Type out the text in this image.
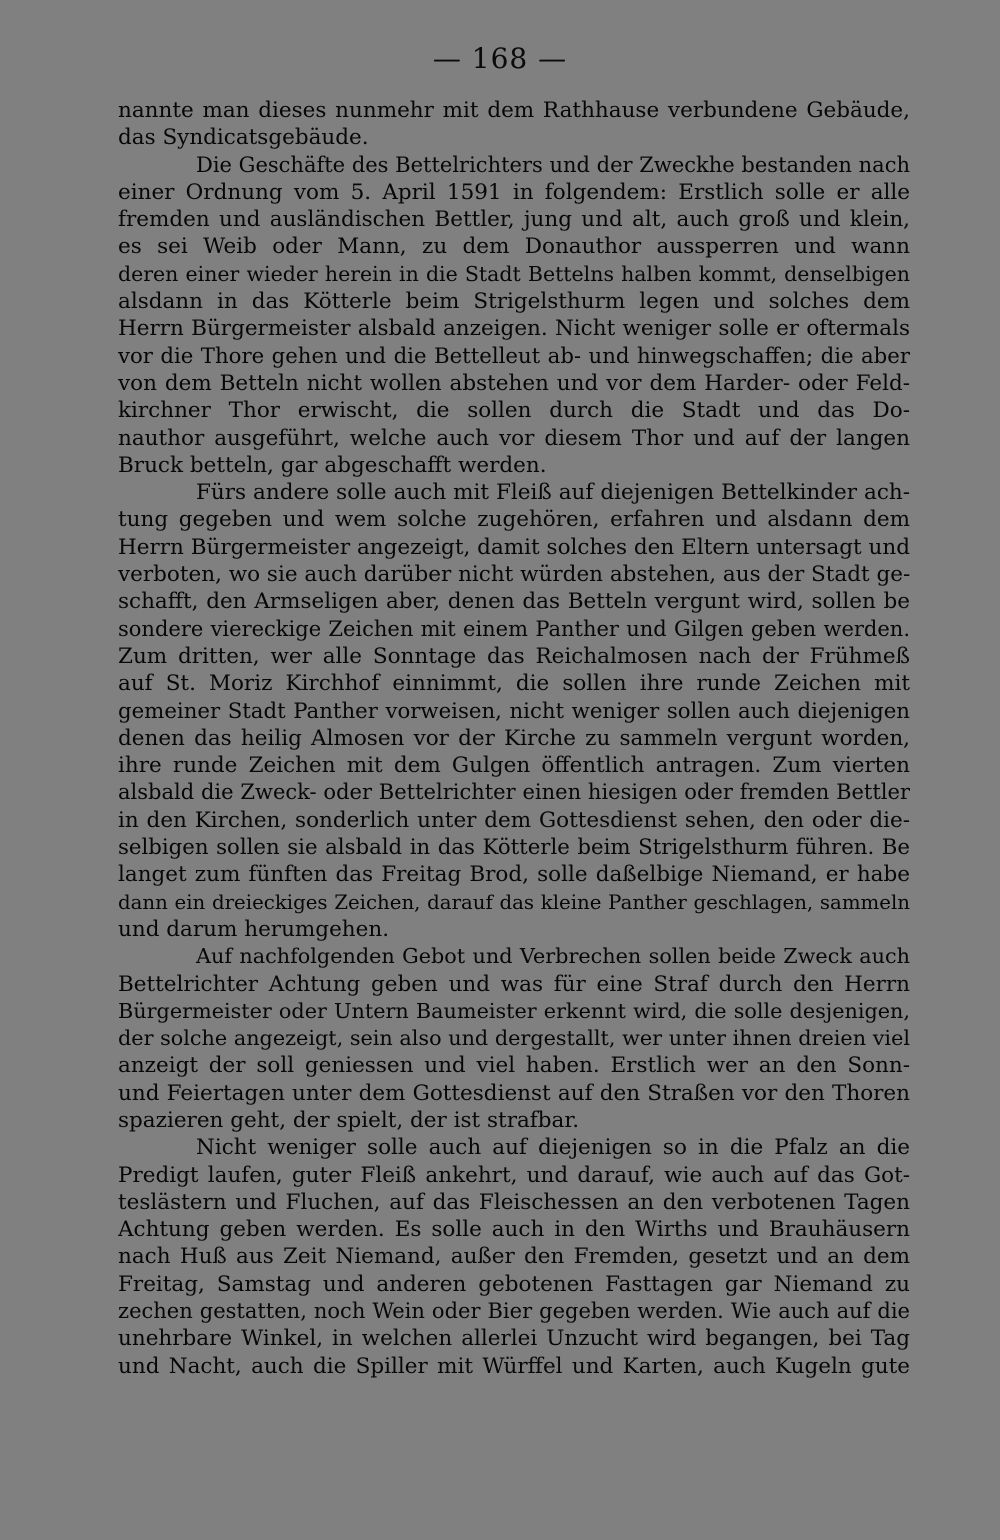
— 168 —

nannte man dieses nunmehr mit dem Rathhause verbundene Gebäude,
das Syndicatsgebäude.
Die Geschäfte des Bettelrichters und der Zweckhe bestanden nach
einer Ordnung vom 5. April 1591 in folgendem: Erstlich solle er alle
fremden und ausländischen Bettler, jung und alt, auch groß und klein,
es sei Weib oder Mann, zu dem Donauthor aussperren und wann
deren einer wieder herein in die Stadt Bettelns halben kommt, denselbigen
alsdann in das Kötterle beim Strigelsthurm legen und solches dem
Herrn Bürgermeister alsbald anzeigen. Nicht weniger solle er oftermals
vor die Thore gehen und die Bettelleut ab- und hinwegschaffen; die aber
von dem Betteln nicht wollen abstehen und vor dem Harder- oder Feld-
kirchner Thor erwischt, die sollen durch die Stadt und das Do-
nauthor ausgeführt, welche auch vor diesem Thor und auf der langen
Bruck betteln, gar abgeschafft werden.
Fürs andere solle auch mit Fleiß auf diejenigen Bettelkinder ach-
tung gegeben und wem solche zugehören, erfahren und alsdann dem
Herrn Bürgermeister angezeigt, damit solches den Eltern untersagt und
verboten, wo sie auch darüber nicht würden abstehen, aus der Stadt ge-
schafft, den Armseligen aber, denen das Betteln vergunt wird, sollen be
sondere viereckige Zeichen mit einem Panther und Gilgen geben werden.
Zum dritten, wer alle Sonntage das Reichalmosen nach der Frühmeß
auf St. Moriz Kirchhof einnimmt, die sollen ihre runde Zeichen mit
gemeiner Stadt Panther vorweisen, nicht weniger sollen auch diejenigen
denen das heilig Almosen vor der Kirche zu sammeln vergunt worden,
ihre runde Zeichen mit dem Gulgen öffentlich antragen. Zum vierten
alsbald die Zweck- oder Bettelrichter einen hiesigen oder fremden Bettler
in den Kirchen, sonderlich unter dem Gottesdienst sehen, den oder die-
selbigen sollen sie alsbald in das Kötterle beim Strigelsthurm führen. Be
langet zum fünften das Freitag Brod, solle daßelbige Niemand, er habe
dann ein dreieckiges Zeichen, darauf das kleine Panther geschlagen, sammeln
und darum herumgehen.
Auf nachfolgenden Gebot und Verbrechen sollen beide Zweck auch
Bettelrichter Achtung geben und was für eine Straf durch den Herrn
Bürgermeister oder Untern Baumeister erkennt wird, die solle desjenigen,
der solche angezeigt, sein also und dergestallt, wer unter ihnen dreien viel
anzeigt der soll geniessen und viel haben. Erstlich wer an den Sonn-
und Feiertagen unter dem Gottesdienst auf den Straßen vor den Thoren
spazieren geht, der spielt, der ist strafbar.
Nicht weniger solle auch auf diejenigen so in die Pfalz an die
Predigt laufen, guter Fleiß ankehrt, und darauf, wie auch auf das Got-
teslästern und Fluchen, auf das Fleischessen an den verbotenen Tagen
Achtung geben werden. Es solle auch in den Wirths und Brauhäusern
nach Huß aus Zeit Niemand, außer den Fremden, gesetzt und an dem
Freitag, Samstag und anderen gebotenen Fasttagen gar Niemand zu
zechen gestatten, noch Wein oder Bier gegeben werden. Wie auch auf die
unehrbare Winkel, in welchen allerlei Unzucht wird begangen, bei Tag
und Nacht, auch die Spiller mit Würffel und Karten, auch Kugeln gute
